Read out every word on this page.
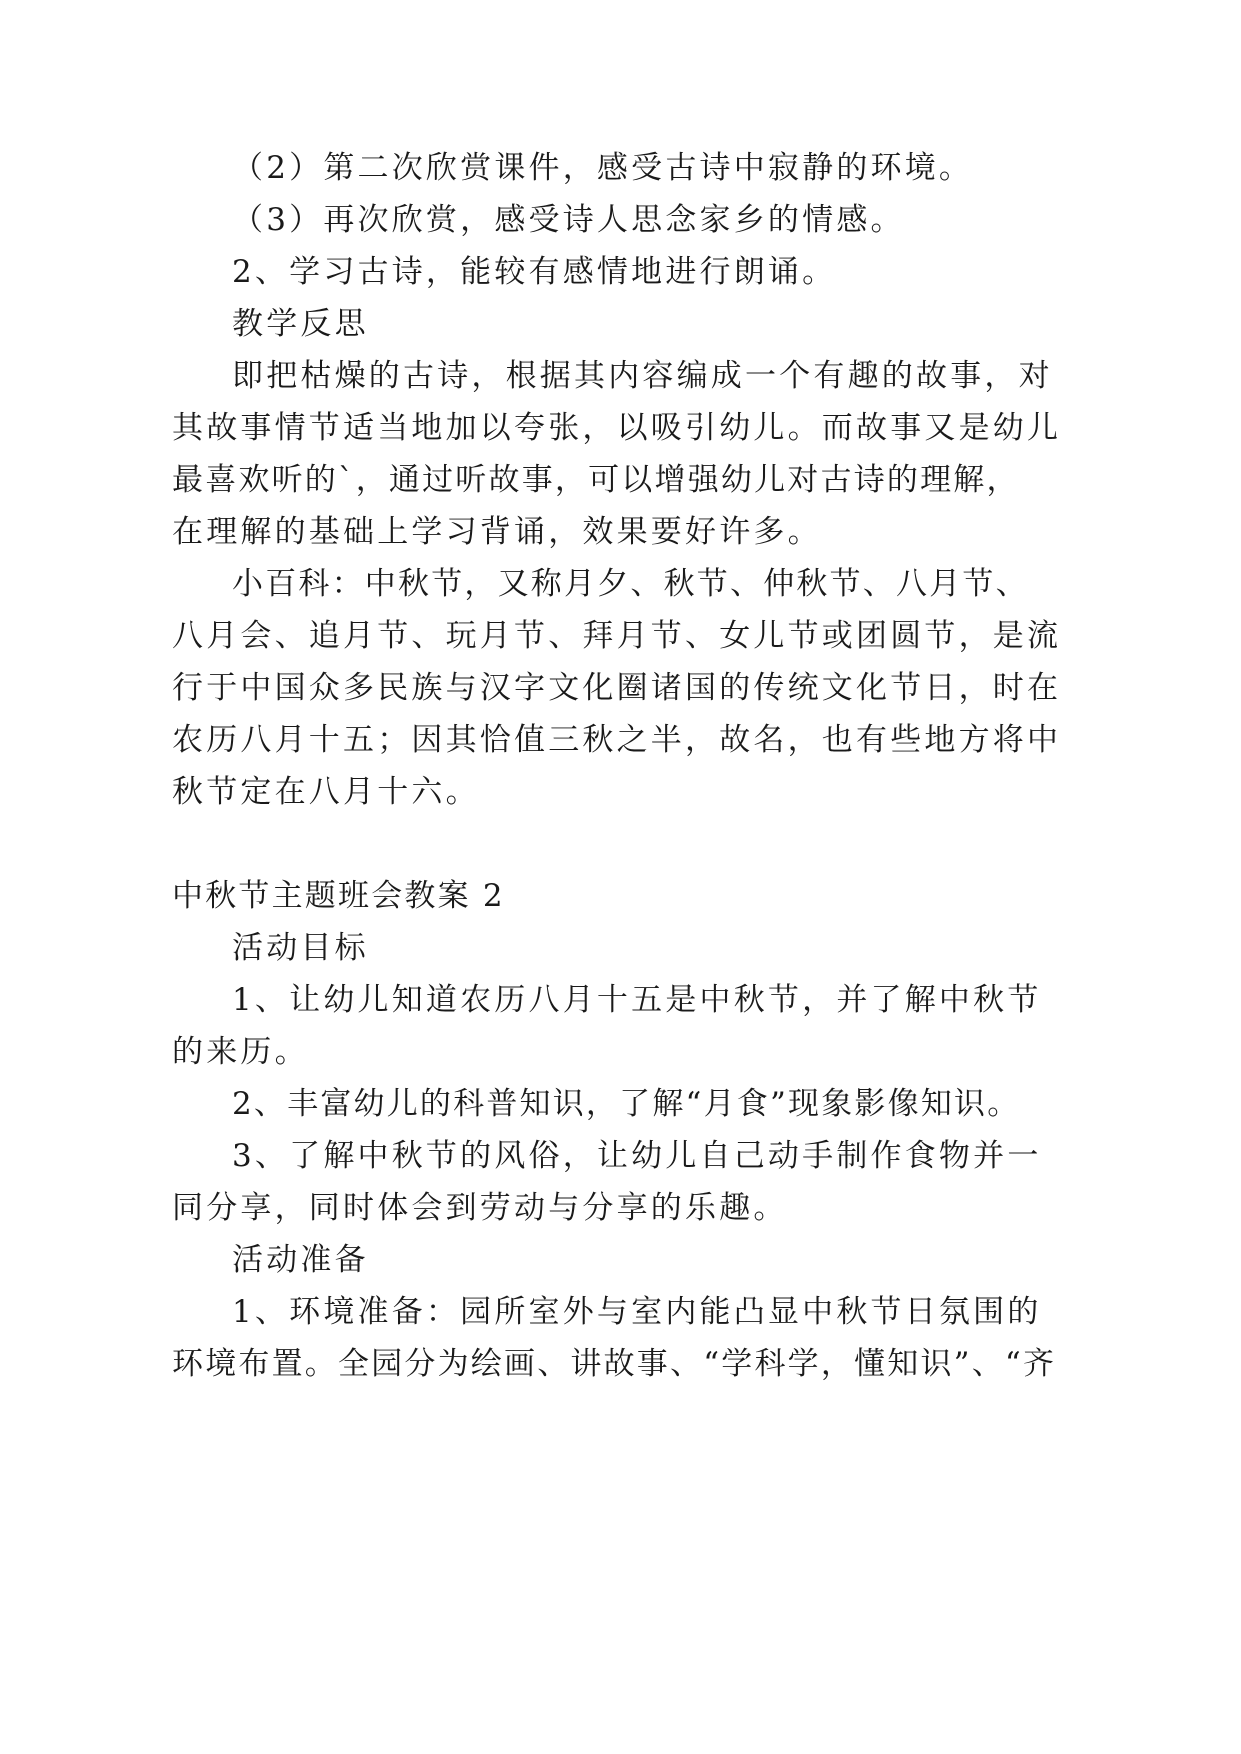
（2）第二次欣赏课件，感受古诗中寂静的环境。
（3）再次欣赏，感受诗人思念家乡的情感。
2、学习古诗，能较有感情地进行朗诵。
教学反思
即把枯燥的古诗，根据其内容编成一个有趣的故事，对
其故事情节适当地加以夸张，以吸引幼儿。而故事又是幼儿
最喜欢听的`，通过听故事，可以增强幼儿对古诗的理解，
在理解的基础上学习背诵，效果要好许多。
小百科：中秋节，又称月夕、秋节、仲秋节、八月节、
八月会、追月节、玩月节、拜月节、女儿节或团圆节，是流
行于中国众多民族与汉字文化圈诸国的传统文化节日，时在
农历八月十五；因其恰值三秋之半，故名，也有些地方将中
秋节定在八月十六。
中秋节主题班会教案 2
活动目标
1、让幼儿知道农历八月十五是中秋节，并了解中秋节
的来历。
2、丰富幼儿的科普知识，了解“月食”现象影像知识。
3、了解中秋节的风俗，让幼儿自己动手制作食物并一
同分享，同时体会到劳动与分享的乐趣。
活动准备
1、环境准备：园所室外与室内能凸显中秋节日氛围的
环境布置。全园分为绘画、讲故事、“学科学，懂知识”、“齐
